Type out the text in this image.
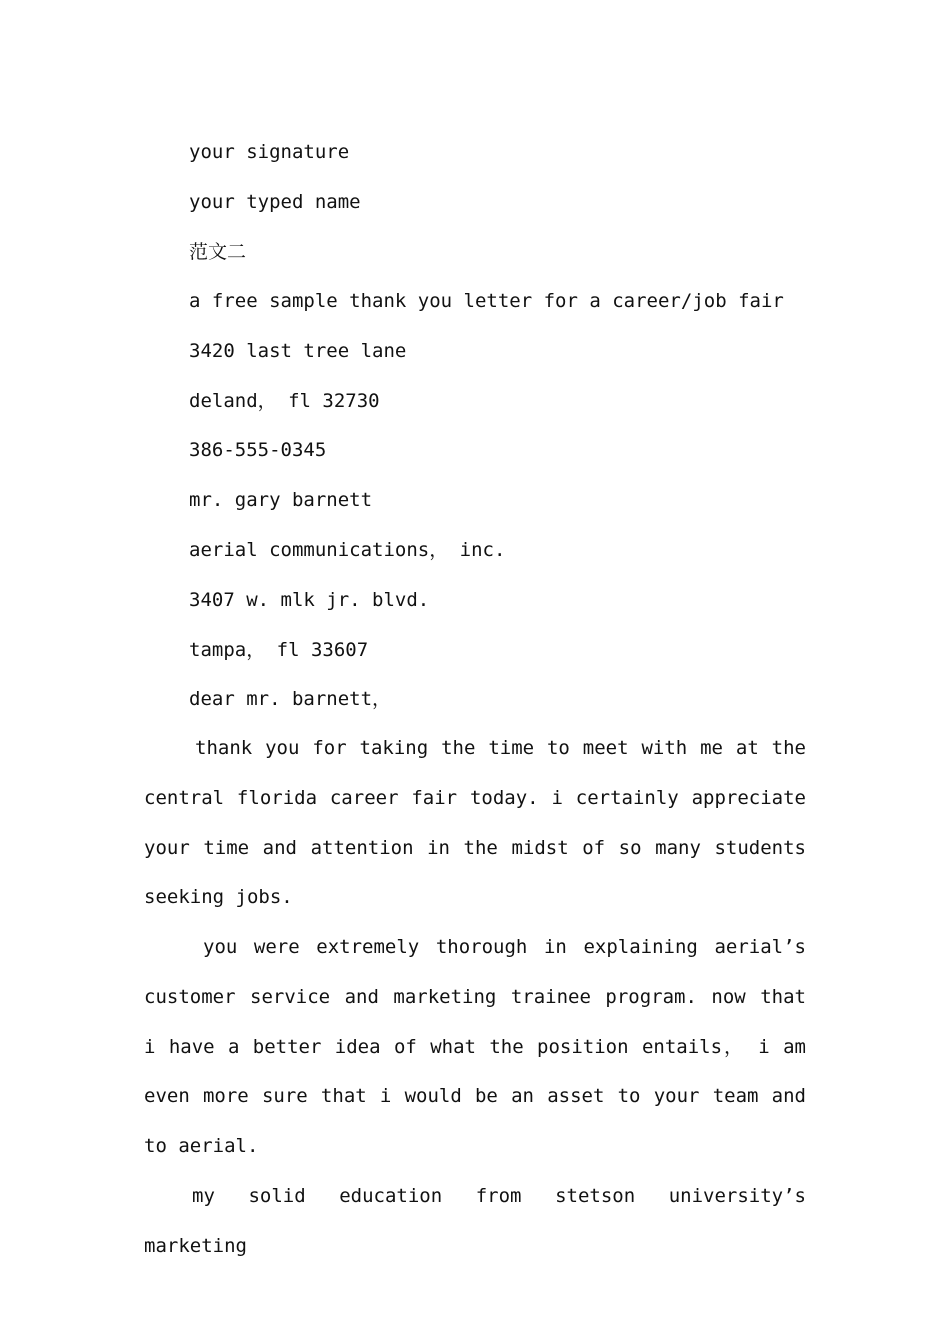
your signature
your typed name
范文二
a free sample thank you letter for a career/job fair
3420 last tree lane
deland， fl 32730
386-555-0345
mr. gary barnett
aerial communications， inc.
3407 w. mlk jr. blvd.
tampa， fl 33607
dear mr. barnett，
thank you for taking the time to meet with me at the central florida career fair today. i certainly appreciate your time and attention in the midst of so many students seeking jobs.
you were extremely thorough in explaining aerial’s customer service and marketing trainee program. now that i have a better idea of what the position entails， i am even more sure that i would be an asset to your team and to aerial.
my solid education from stetson university’s marketing
